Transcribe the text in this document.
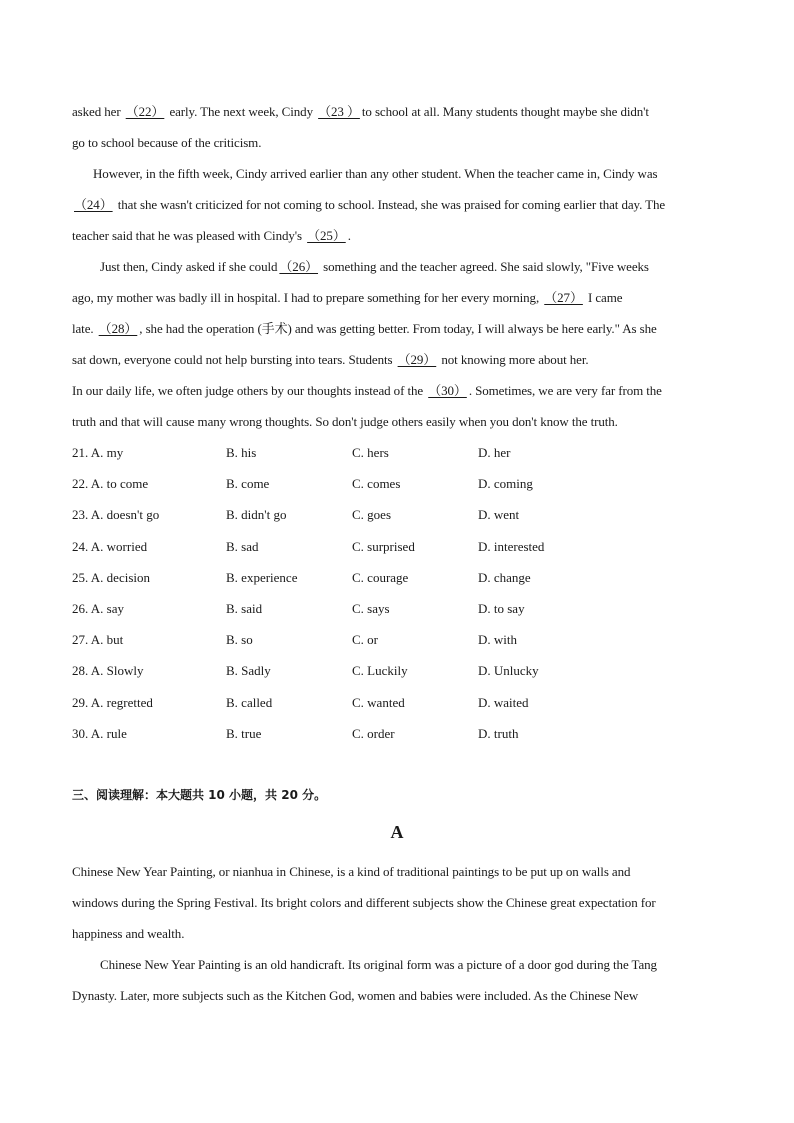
asked her （22） early. The next week, Cindy （23 ） to school at all. Many students thought maybe she didn't
go to school because of the criticism.
However, in the fifth week, Cindy arrived earlier than any other student. When the teacher came in, Cindy was
（24） that she wasn't criticized for not coming to school. Instead, she was praised for coming earlier that day. The
teacher said that he was pleased with Cindy's （25） .
Just then, Cindy asked if she could （26） something and the teacher agreed. She said slowly, "Five weeks
ago, my mother was badly ill in hospital. I had to prepare something for her every morning, （27） I came
late. （28） , she had the operation (手术) and was getting better. From today, I will always be here early." As she
sat down, everyone could not help bursting into tears. Students （29） not knowing more about her.
In our daily life, we often judge others by our thoughts instead of the （30） . Sometimes, we are very far from the
truth and that will cause many wrong thoughts. So don't judge others easily when you don't know the truth.
21. A. my	B. his	C. hers	D. her
22. A. to come	B. come	C. comes	D. coming
23. A. doesn't go	B. didn't go	C. goes	D. went
24. A. worried	B. sad	C. surprised	D. interested
25. A. decision	B. experience	C. courage	D. change
26. A. say	B. said	C. says	D. to say
27. A. but	B. so	C. or	D. with
28. A. Slowly	B. Sadly	C. Luckily	D. Unlucky
29. A. regretted	B. called	C. wanted	D. waited
30. A. rule	B. true	C. order	D. truth
三、阅读理解：本大题共 10 小题，共 20 分。
A
Chinese New Year Painting, or nianhua in Chinese, is a kind of traditional paintings to be put up on walls and
windows during the Spring Festival. Its bright colors and different subjects show the Chinese great expectation for
happiness and wealth.
Chinese New Year Painting is an old handicraft. Its original form was a picture of a door god during the Tang
Dynasty. Later, more subjects such as the Kitchen God, women and babies were included. As the Chinese New
